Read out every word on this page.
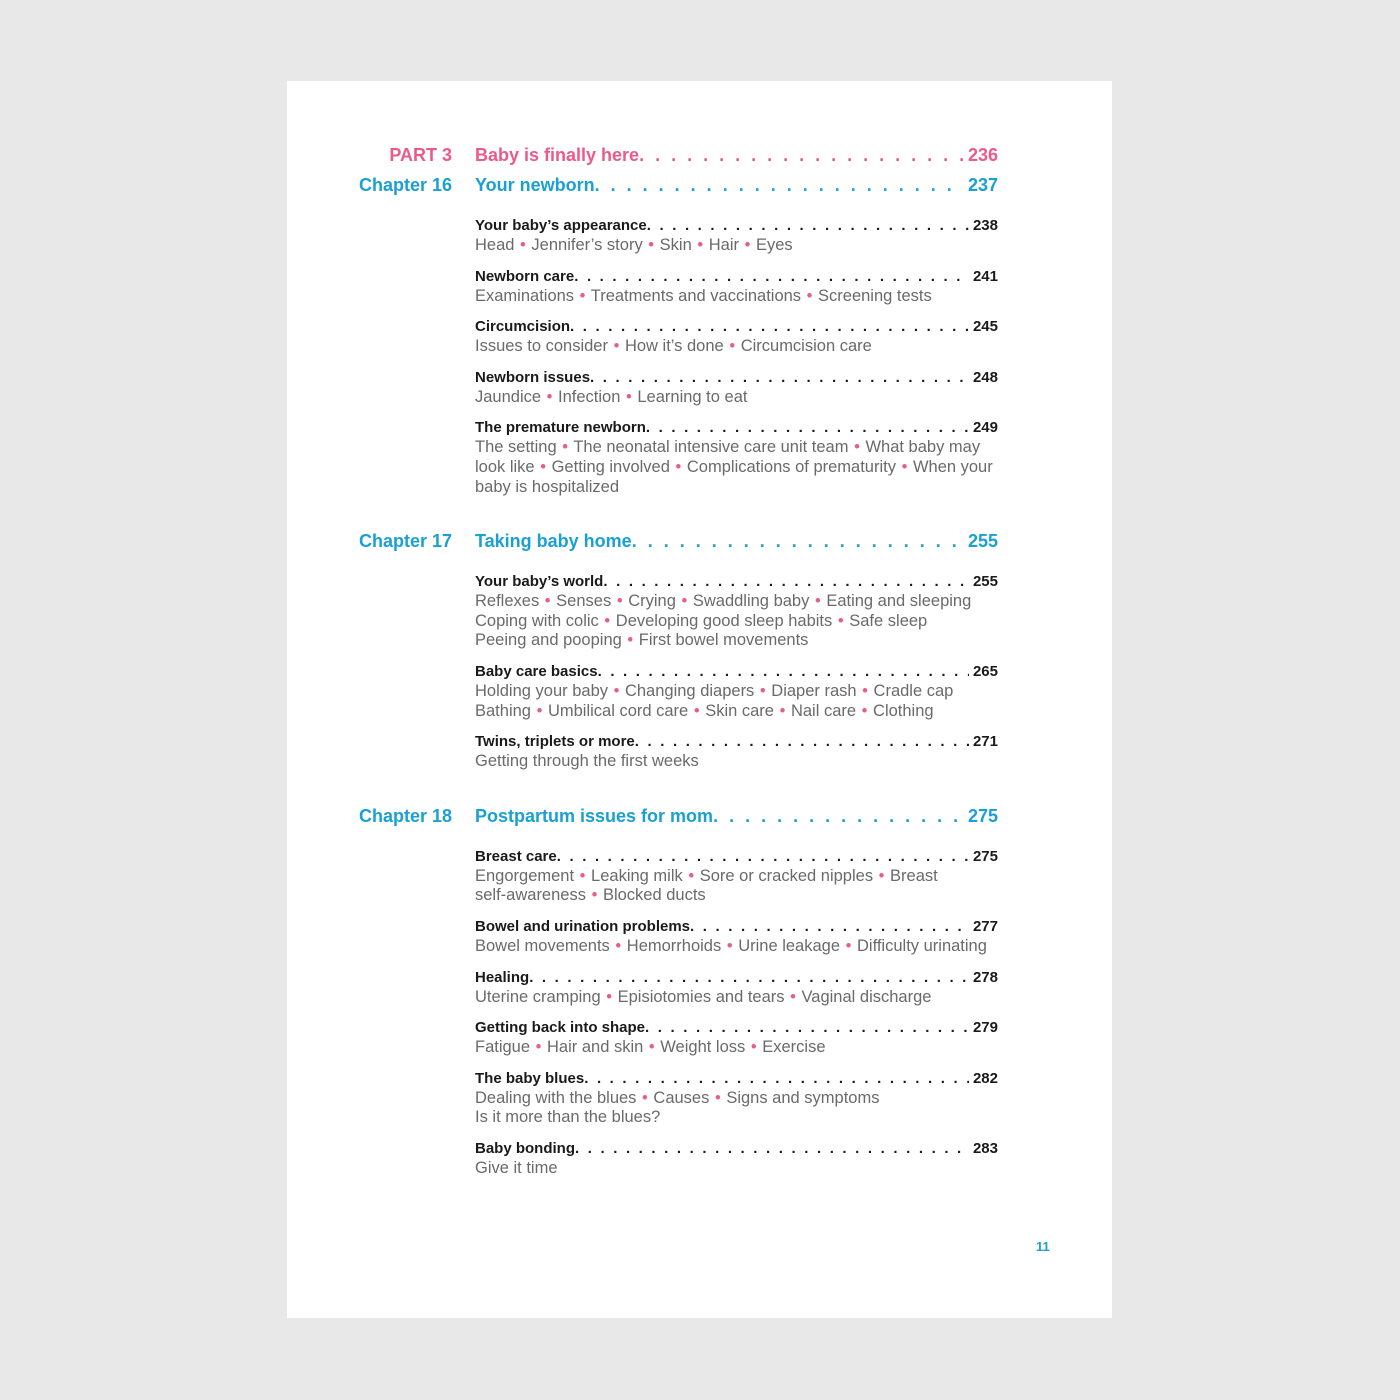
PART 3 Baby is finally here . . .	236
Chapter 16 Your newborn . . .	237
Your baby’s appearance . . .	238
Head • Jennifer’s story • Skin • Hair • Eyes
Newborn care . . .	241
Examinations • Treatments and vaccinations • Screening tests
Circumcision . . .	245
Issues to consider • How it’s done • Circumcision care
Newborn issues . . .	248
Jaundice • Infection • Learning to eat
The premature newborn . . .	249
The setting • The neonatal intensive care unit team • What baby may
look like • Getting involved • Complications of prematurity • When your
baby is hospitalized
Chapter 17 Taking baby home . . .	255
Your baby’s world . . .	255
Reflexes • Senses • Crying • Swaddling baby • Eating and sleeping
Coping with colic • Developing good sleep habits • Safe sleep
Peeing and pooping • First bowel movements
Baby care basics . . .	265
Holding your baby • Changing diapers • Diaper rash • Cradle cap
Bathing • Umbilical cord care • Skin care • Nail care • Clothing
Twins, triplets or more . . .	271
Getting through the first weeks
Chapter 18 Postpartum issues for mom . . .	275
Breast care . . .	275
Engorgement • Leaking milk • Sore or cracked nipples • Breast
self-awareness • Blocked ducts
Bowel and urination problems . . .	277
Bowel movements • Hemorrhoids • Urine leakage • Difficulty urinating
Healing . . .	278
Uterine cramping • Episiotomies and tears • Vaginal discharge
Getting back into shape . . .	279
Fatigue • Hair and skin • Weight loss • Exercise
The baby blues . . .	282
Dealing with the blues • Causes • Signs and symptoms
Is it more than the blues?
Baby bonding . . .	283
Give it time
11
